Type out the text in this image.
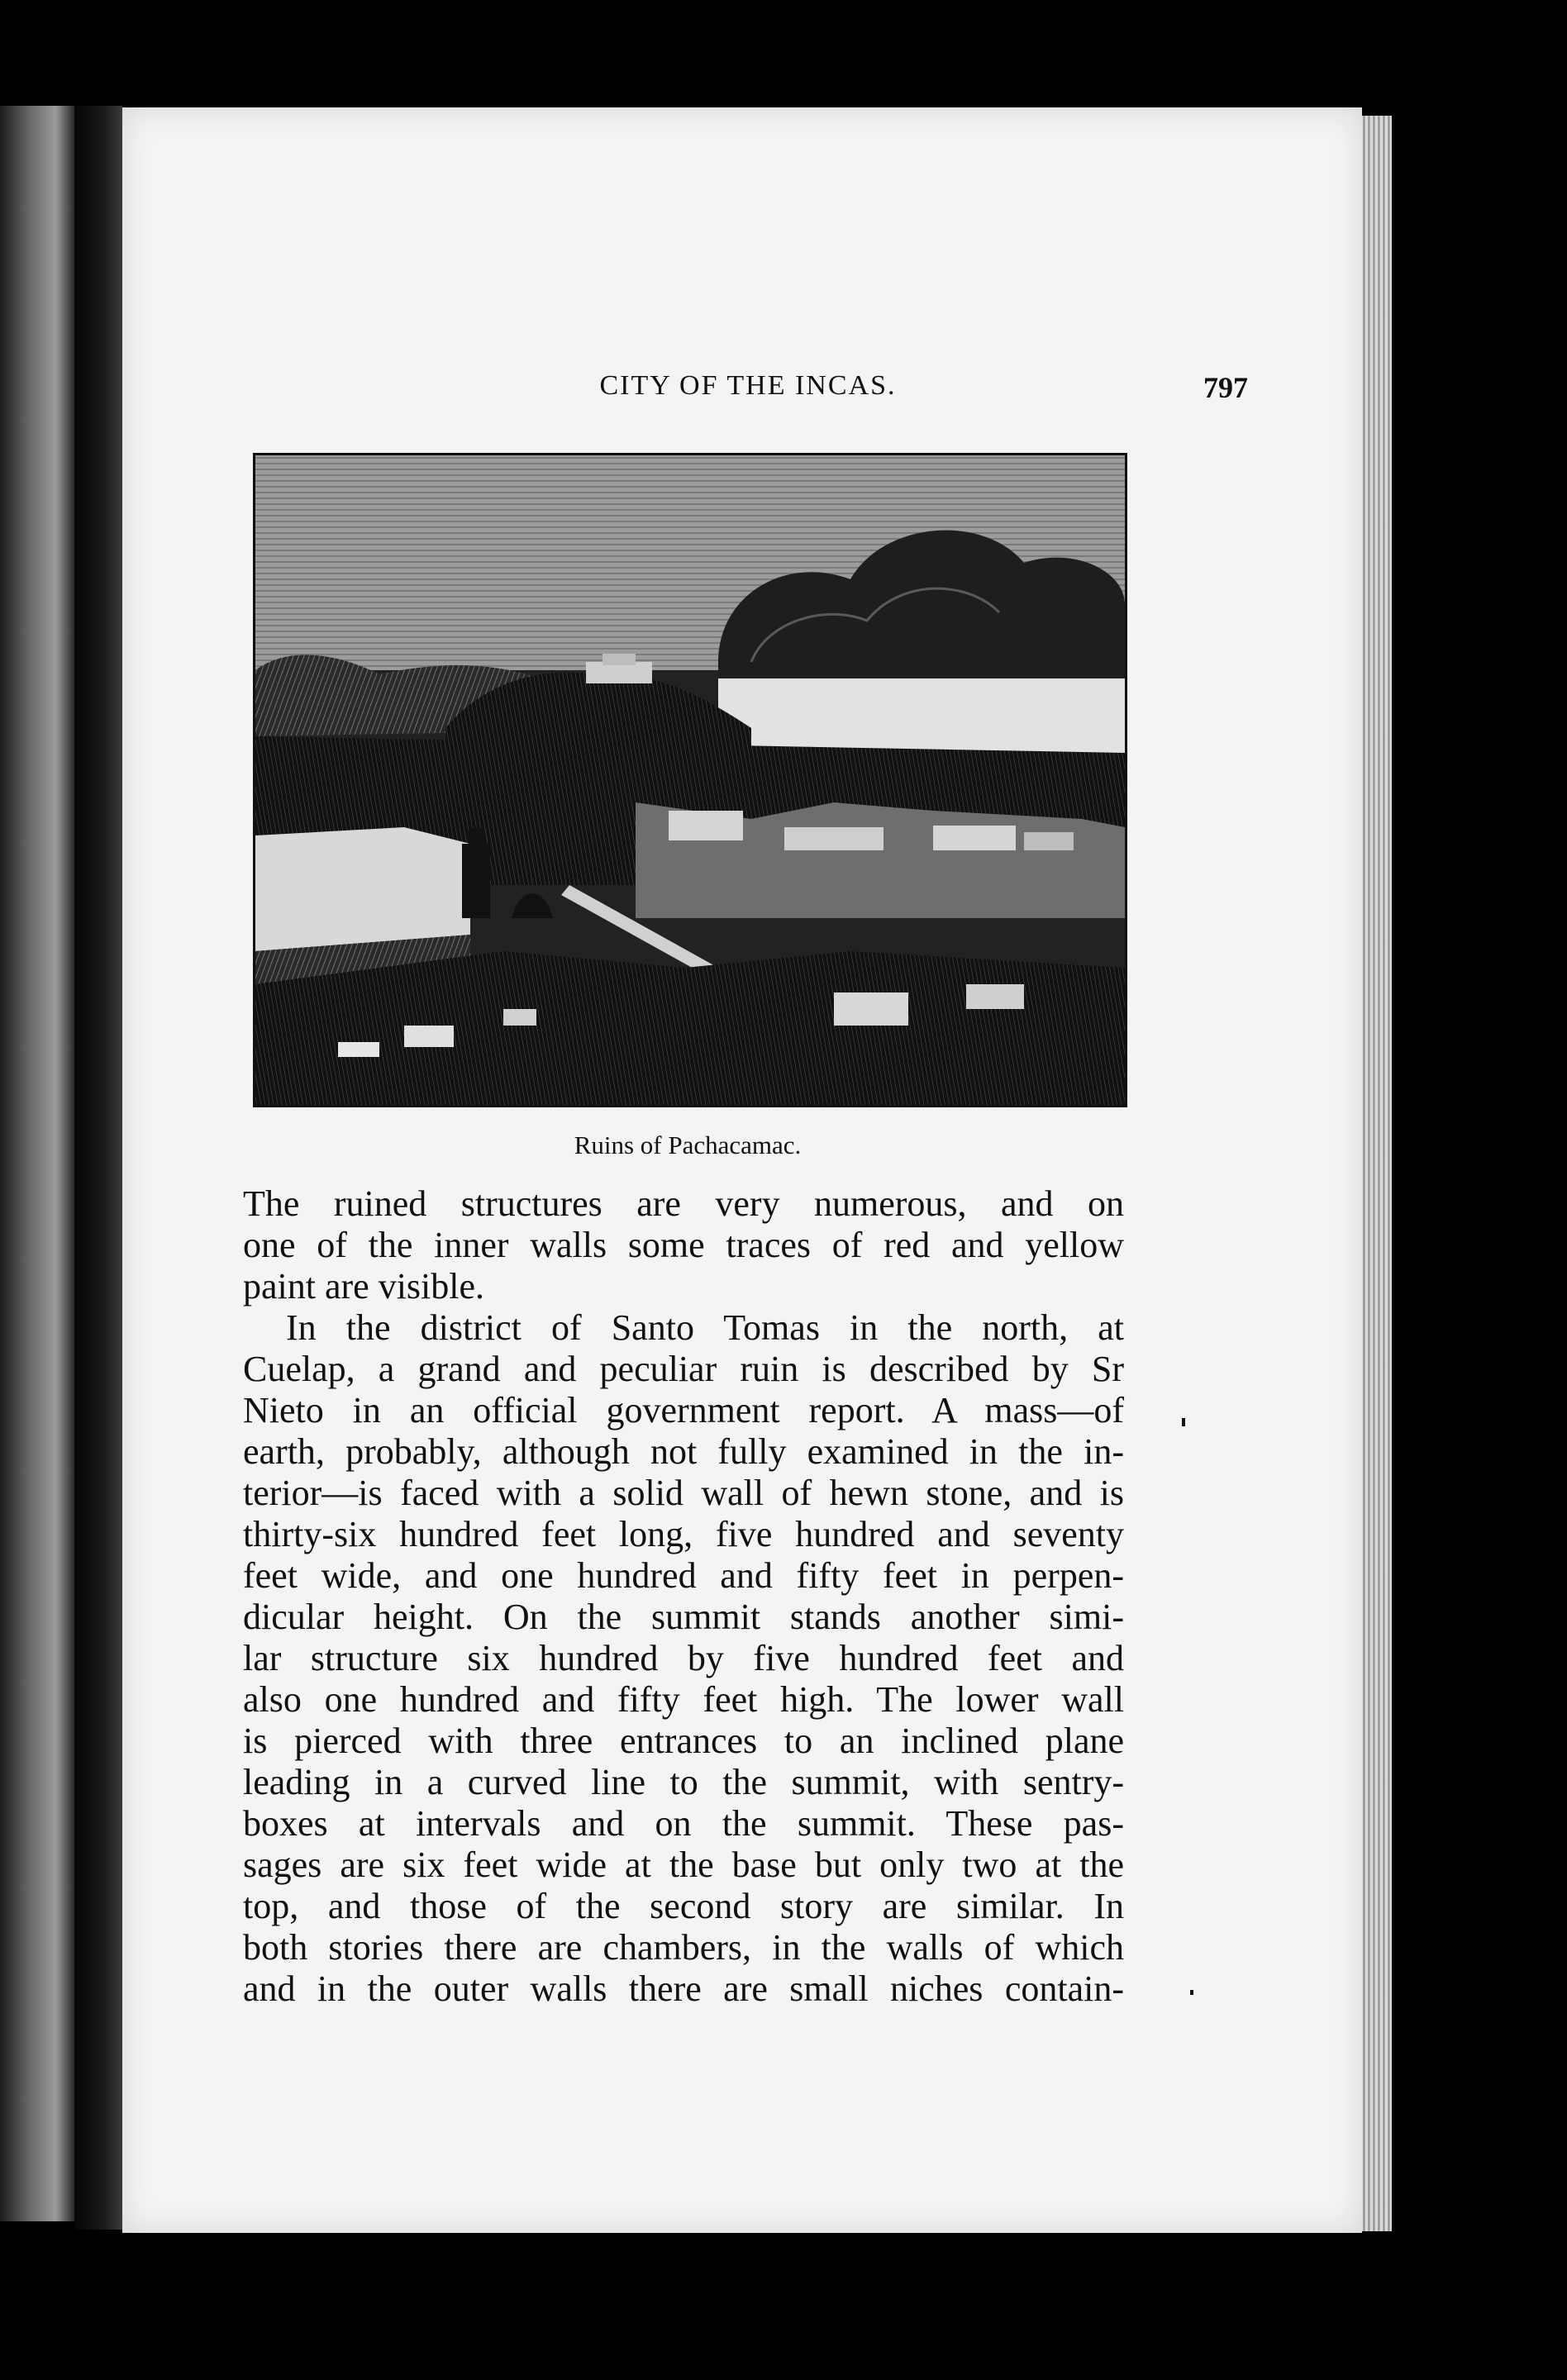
CITY OF THE INCAS.	797
Ruins of Pachacamac.
The ruined structures are very numerous, and on
one of the inner walls some traces of red and yellow
paint are visible.
In the district of Santo Tomas in the north, at
Cuelap, a grand and peculiar ruin is described by Sr
Nieto in an official government report. A mass—of
earth, probably, although not fully examined in the in-
terior—is faced with a solid wall of hewn stone, and is
thirty-six hundred feet long, five hundred and seventy
feet wide, and one hundred and fifty feet in perpen-
dicular height. On the summit stands another simi-
lar structure six hundred by five hundred feet and
also one hundred and fifty feet high. The lower wall
is pierced with three entrances to an inclined plane
leading in a curved line to the summit, with sentry-
boxes at intervals and on the summit. These pas-
sages are six feet wide at the base but only two at the
top, and those of the second story are similar. In
both stories there are chambers, in the walls of which
and in the outer walls there are small niches contain-
